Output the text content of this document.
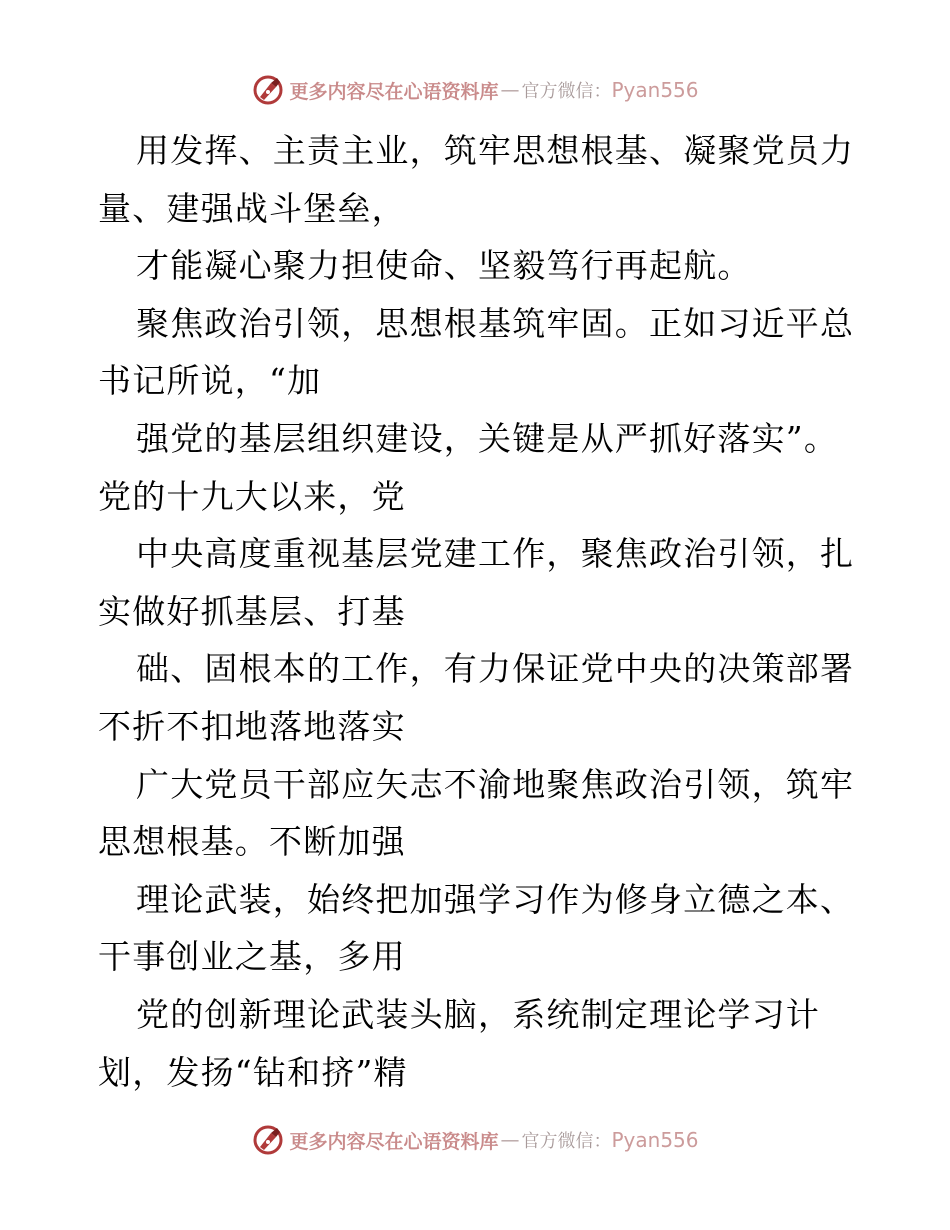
更多内容尽在心语资料库 — 官方微信： Pyan556
用发挥、主责主业，筑牢思想根基、凝聚党员力
量、建强战斗堡垒，
才能凝心聚力担使命、坚毅笃行再起航。
聚焦政治引领，思想根基筑牢固。正如习近平总
书记所说，“加
强党的基层组织建设，关键是从严抓好落实”。
党的十九大以来，党
中央高度重视基层党建工作，聚焦政治引领，扎
实做好抓基层、打基
础、固根本的工作，有力保证党中央的决策部署
不折不扣地落地落实
广大党员干部应矢志不渝地聚焦政治引领，筑牢
思想根基。不断加强
理论武装，始终把加强学习作为修身立德之本、
干事创业之基，多用
党的创新理论武装头脑，系统制定理论学习计
划，发扬“钻和挤”精
更多内容尽在心语资料库 — 官方微信： Pyan556
